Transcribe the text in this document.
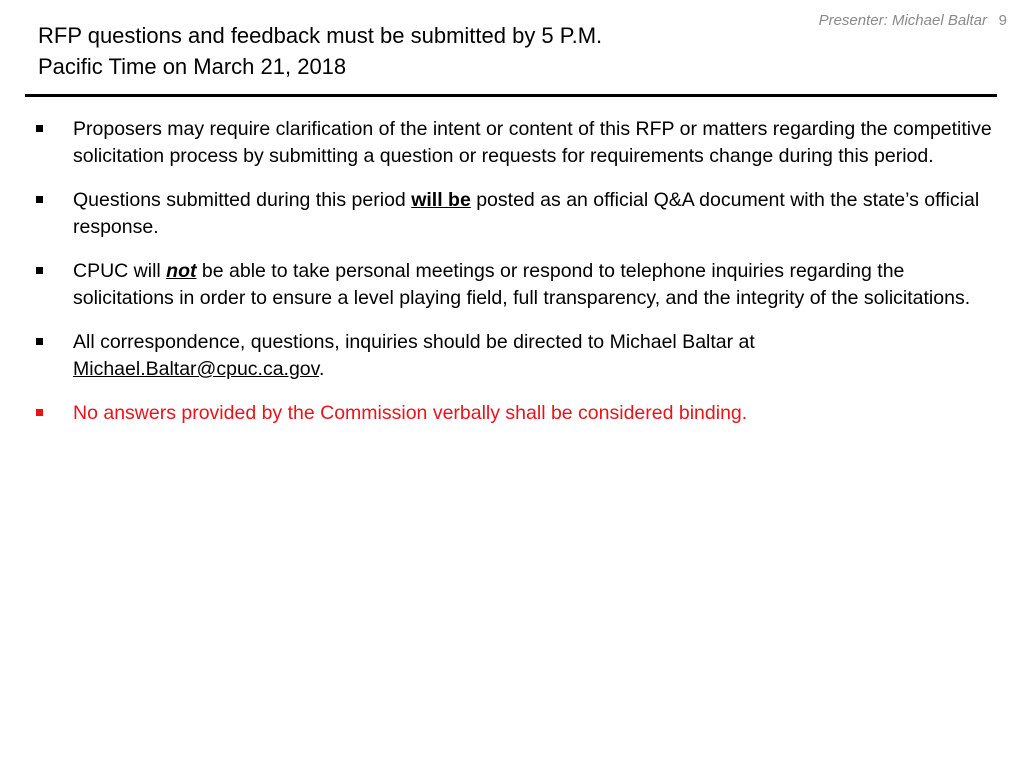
Presenter: Michael Baltar 9
RFP questions and feedback must be submitted by 5 P.M.
Pacific Time on March 21, 2018
Proposers may require clarification of the intent or content of this RFP or matters regarding the competitive solicitation process by submitting a question or requests for requirements change during this period.
Questions submitted during this period will be posted as an official Q&A document with the state’s official response.
CPUC will not be able to take personal meetings or respond to telephone inquiries regarding the solicitations in order to ensure a level playing field, full transparency, and the integrity of the solicitations.
All correspondence, questions, inquiries should be directed to Michael Baltar at Michael.Baltar@cpuc.ca.gov.
No answers provided by the Commission verbally shall be considered binding.
